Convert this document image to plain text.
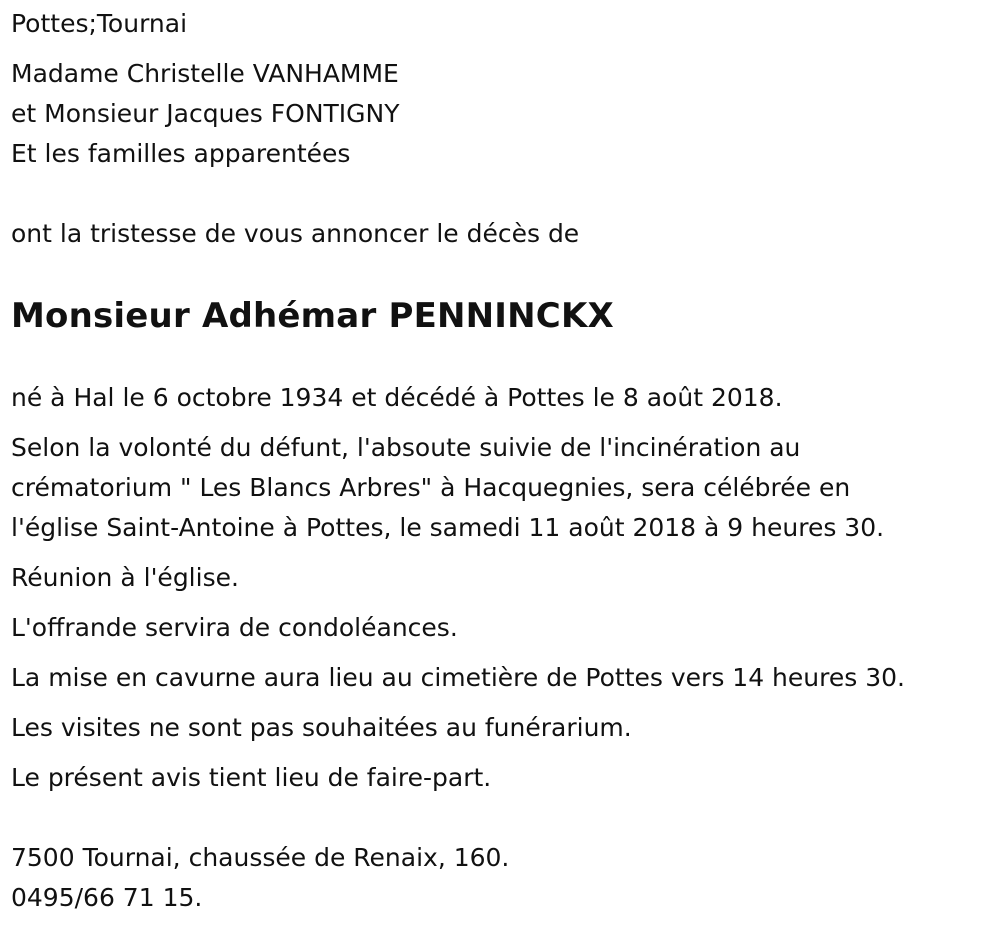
Pottes;Tournai
Madame Christelle VANHAMME
et Monsieur Jacques FONTIGNY
Et les familles apparentées
ont la tristesse de vous annoncer le décès de
Monsieur Adhémar PENNINCKX
né à Hal le 6 octobre 1934 et décédé à Pottes le 8 août 2018.
Selon la volonté du défunt, l'absoute suivie de l'incinération au
crématorium " Les Blancs Arbres" à Hacquegnies, sera célébrée en
l'église Saint-Antoine à Pottes, le samedi 11 août 2018 à 9 heures 30.
Réunion à l'église.
L'offrande servira de condoléances.
La mise en cavurne aura lieu au cimetière de Pottes vers 14 heures 30.
Les visites ne sont pas souhaitées au funérarium.
Le présent avis tient lieu de faire-part.
7500 Tournai, chaussée de Renaix, 160.
0495/66 71 15.
